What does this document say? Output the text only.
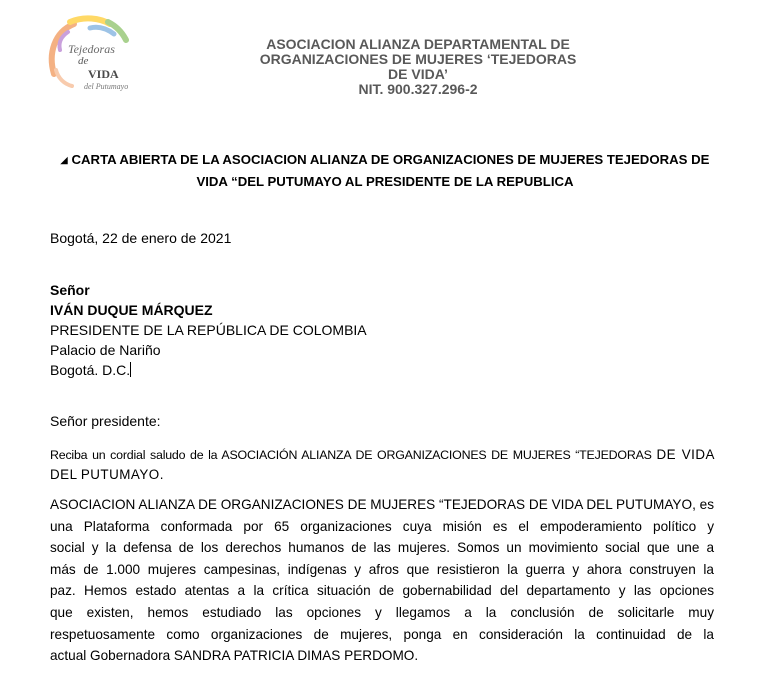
Tejedoras
de
VIDA
del Putumayo
ASOCIACION ALIANZA DEPARTAMENTAL DE
ORGANIZACIONES DE MUJERES ‘TEJEDORAS
DE VIDA’
NIT. 900.327.296-2
◢ CARTA ABIERTA DE LA ASOCIACION ALIANZA DE ORGANIZACIONES DE MUJERES TEJEDORAS DE
VIDA “DEL PUTUMAYO AL PRESIDENTE DE LA REPUBLICA
Bogotá, 22 de enero de 2021
Señor
IVÁN DUQUE MÁRQUEZ
PRESIDENTE DE LA REPÚBLICA DE COLOMBIA
Palacio de Nariño
Bogotá. D.C.
Señor presidente:
Reciba un cordial saludo de la ASOCIACIÓN ALIANZA DE ORGANIZACIONES DE MUJERES “TEJEDORAS DE VIDA DEL PUTUMAYO.
ASOCIACION ALIANZA DE ORGANIZACIONES DE MUJERES “TEJEDORAS DE VIDA DEL PUTUMAYO, es
una Plataforma conformada por 65 organizaciones cuya misión es el empoderamiento político y
social y la defensa de los derechos humanos de las mujeres. Somos un movimiento social que une a
más de 1.000 mujeres campesinas, indígenas y afros que resistieron la guerra y ahora construyen la
paz. Hemos estado atentas a la crítica situación de gobernabilidad del departamento y las opciones
que existen, hemos estudiado las opciones y llegamos a la conclusión de solicitarle muy
respetuosamente como organizaciones de mujeres, ponga en consideración la continuidad de la
actual Gobernadora SANDRA PATRICIA DIMAS PERDOMO.
